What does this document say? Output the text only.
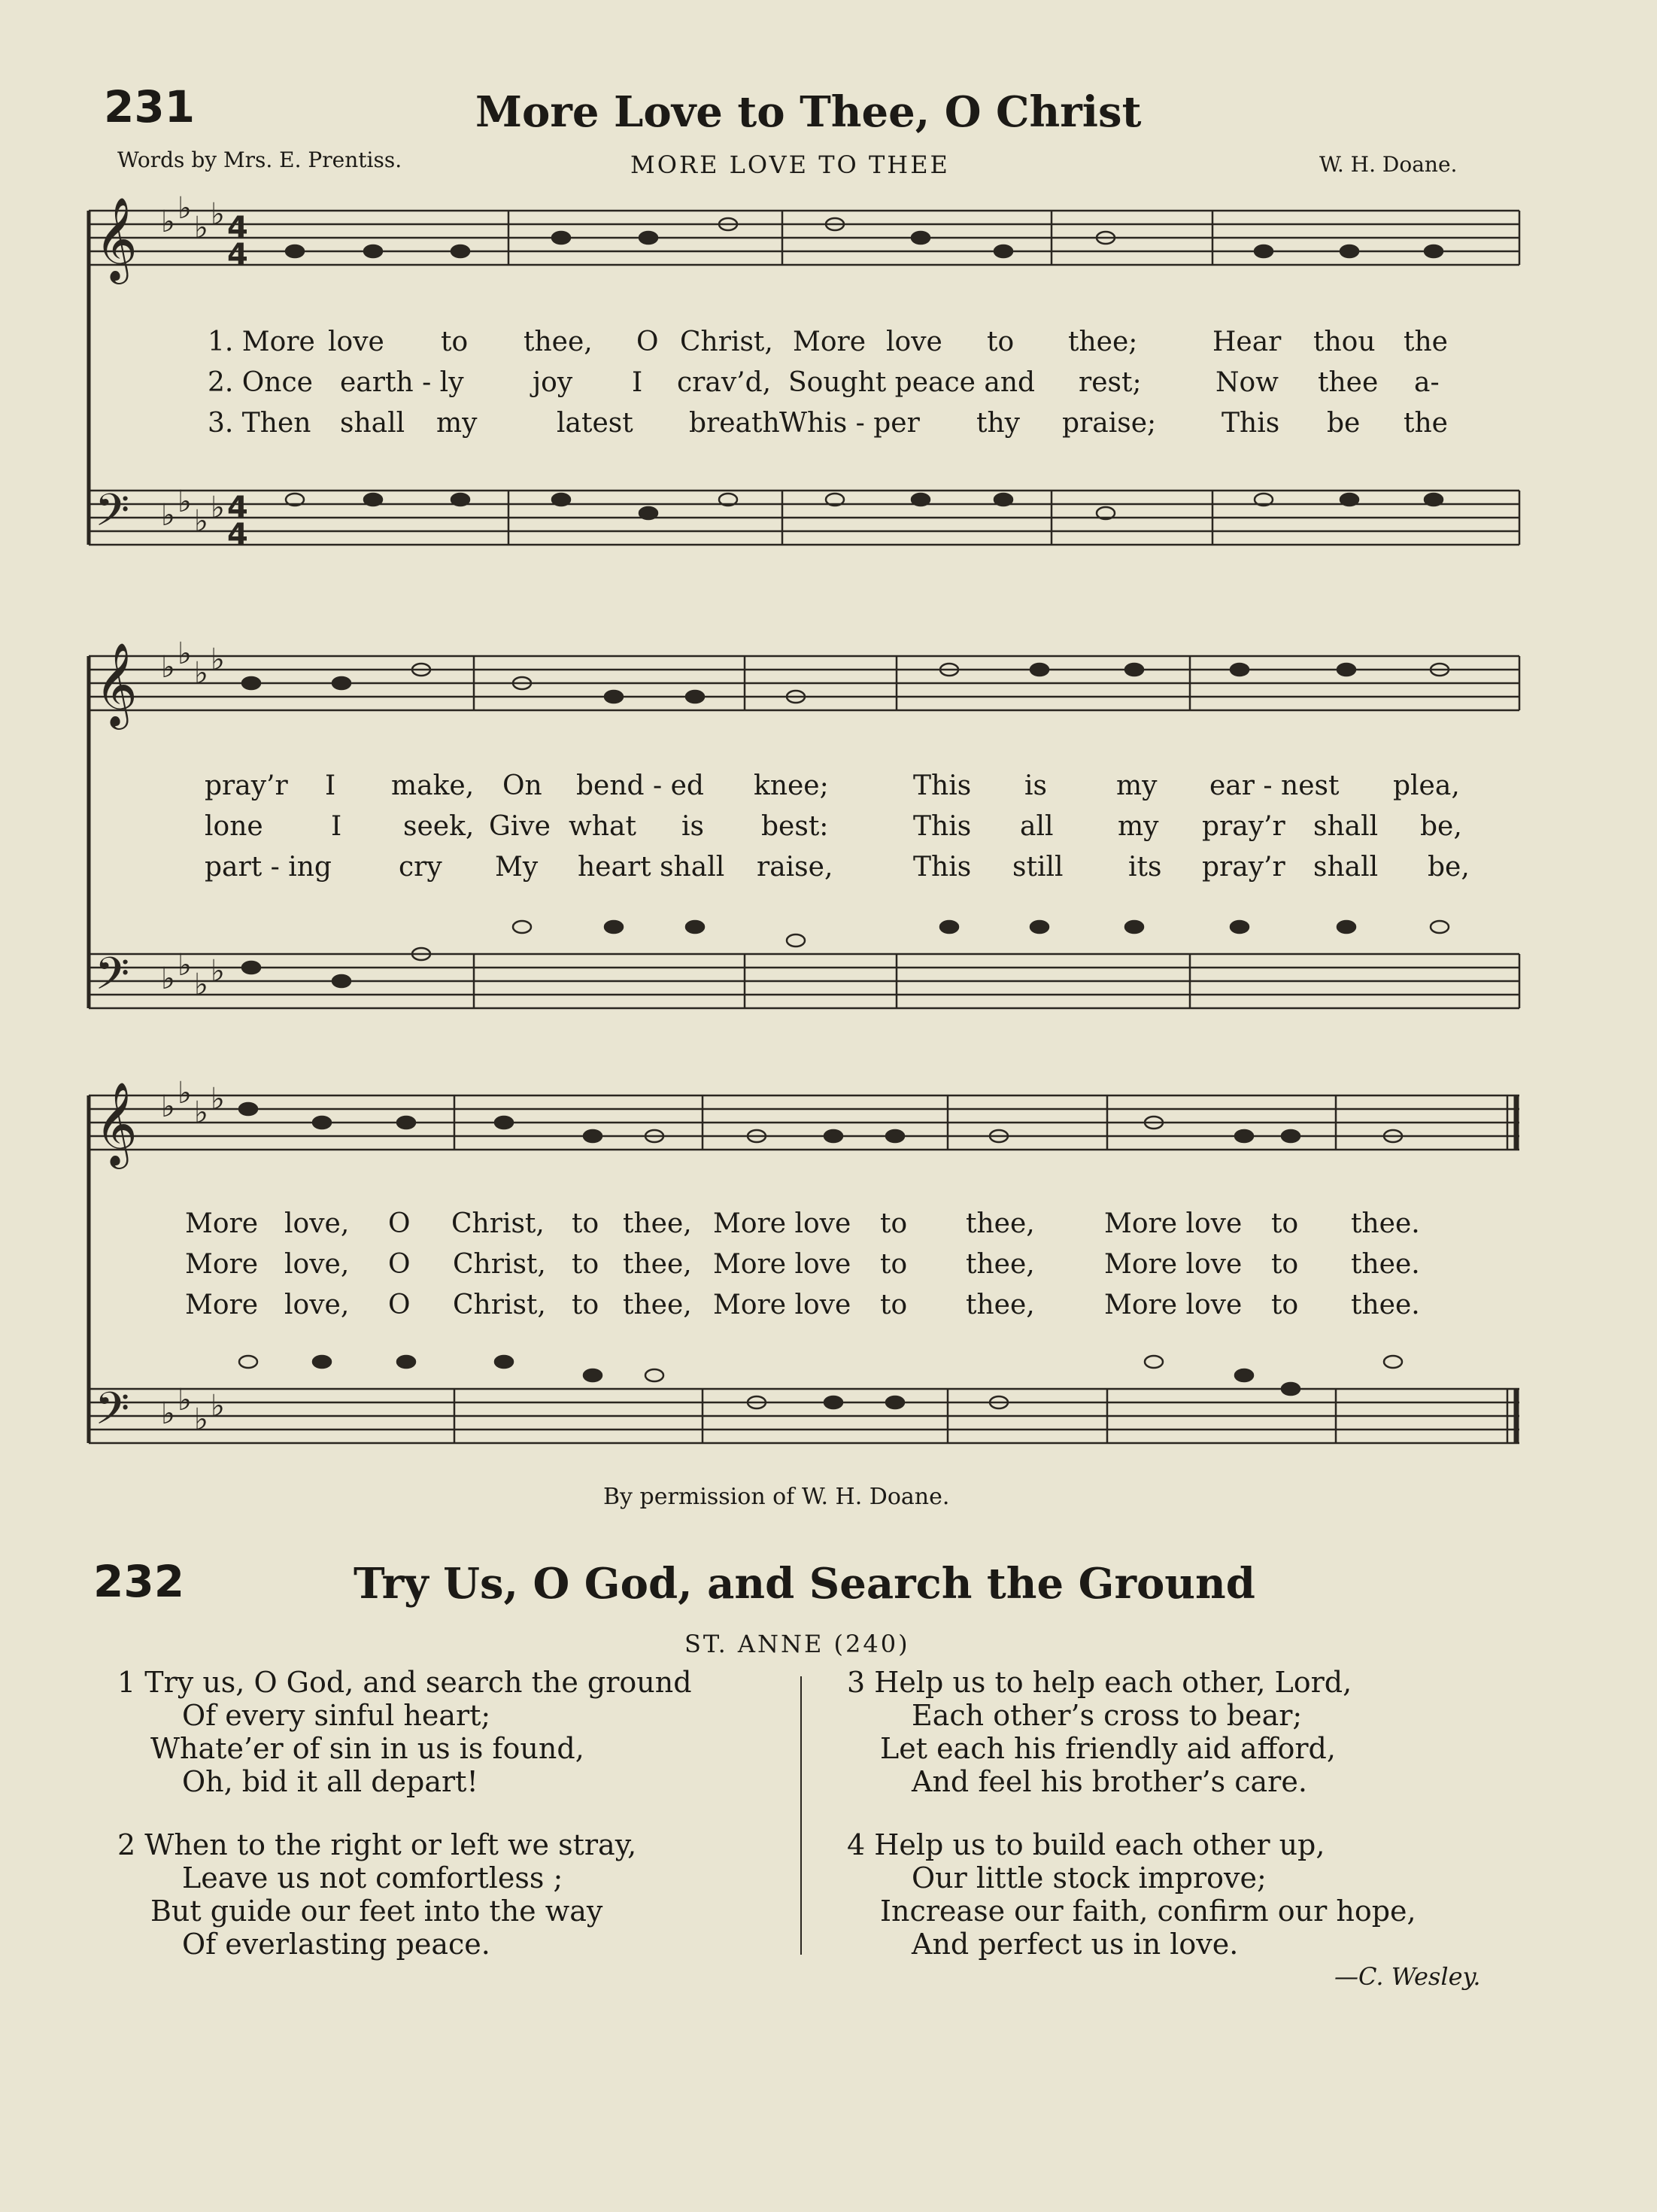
231	More Love to Thee, O Christ
Words by Mrs. E. Prentiss.	MORE LOVE TO THEE	W. H. Doane.
𝄞
𝄢
𝄞
𝄢
𝄞
𝄢
♭ ♭
♭ ♭
♭ ♭
♭ ♭
♭ ♭
♭ ♭
♭ ♭
♭ ♭
♭ ♭
♭ ♭
♭ ♭
♭ ♭
4
4
4
4
1. More love to thee, O Christ, More love to thee;	Hear thou the
2. Once earth - ly	joy I crav’d, Sought peace and rest;	Now thee a-
3. Then shall my	latest breath Whis - per thy praise; This be the
pray’r I make, On bend - ed knee;	This is	my ear - nest plea,
lone	I seek, Give what is best:	This all my pray’r shall be,
part - ing cry My heart shall raise,	This still its pray’r shall be,
More love, O Christ, to thee, More love to thee,	More love to thee.
More love, O Christ, to thee, More love to thee,	More love to thee.
More love, O Christ, to thee, More love to thee,	More love to thee.
By permission of W. H. Doane.
232	Try Us, O God, and Search the Ground
ST. ANNE (240)
1 Try us, O God, and search the ground
Of every sinful heart;
Whate’er of sin in us is found,
Oh, bid it all depart!
2 When to the right or left we stray,
Leave us not comfortless ;
But guide our feet into the way
Of everlasting peace.
3 Help us to help each other, Lord,
Each other’s cross to bear;
Let each his friendly aid afford,
And feel his brother’s care.
4 Help us to build each other up,
Our little stock improve;
Increase our faith, confirm our hope,
And perfect us in love.
—C. Wesley.
